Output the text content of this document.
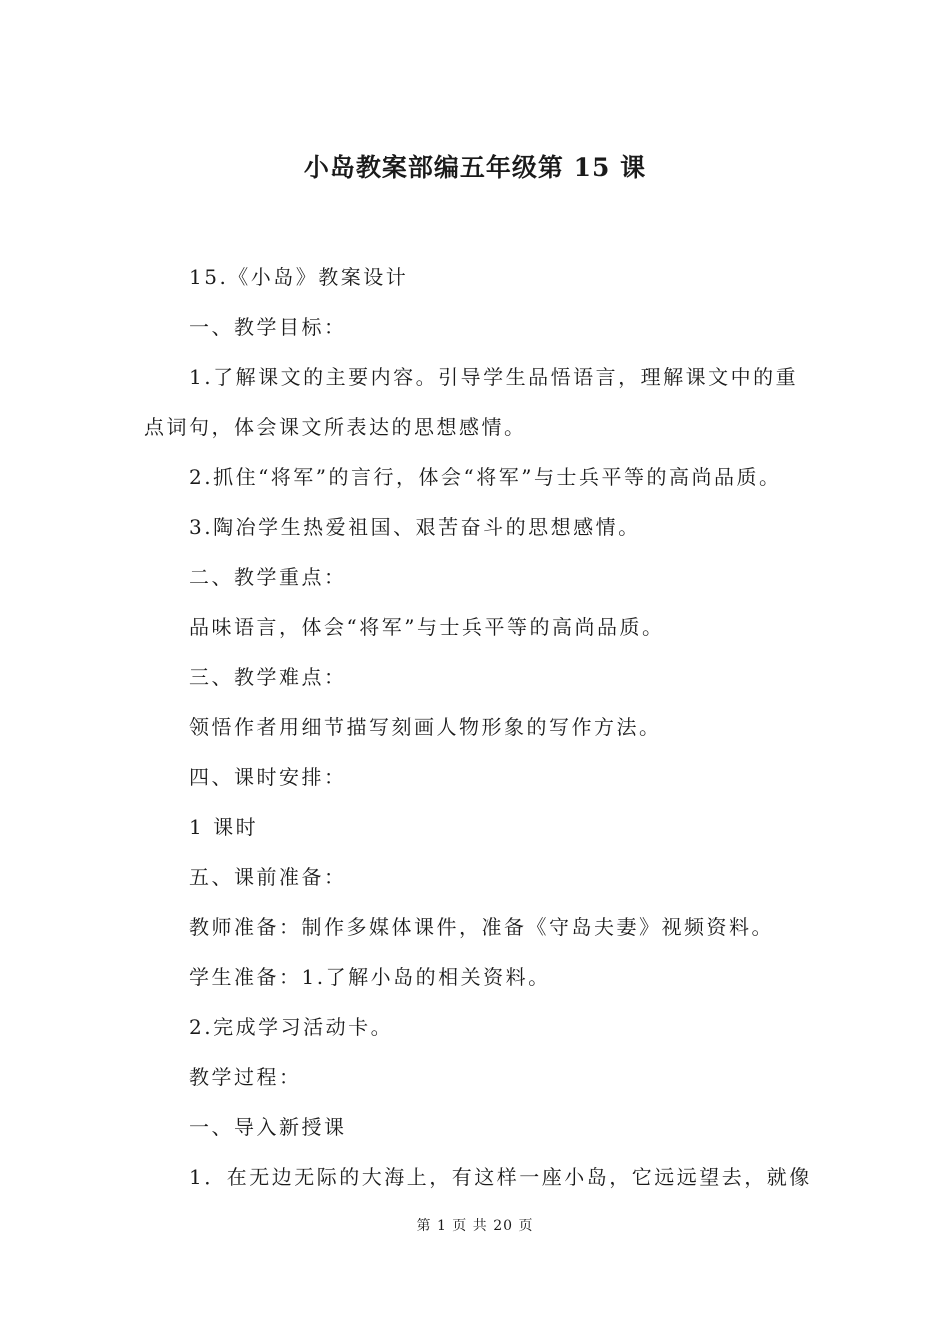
小岛教案部编五年级第 15 课

15.《小岛》教案设计

一、教学目标：

1.了解课文的主要内容。引导学生品悟语言，理解课文中的重点词句，体会课文所表达的思想感情。

2.抓住“将军”的言行，体会“将军”与士兵平等的高尚品质。

3.陶冶学生热爱祖国、艰苦奋斗的思想感情。

二、教学重点：

品味语言，体会“将军”与士兵平等的高尚品质。

三、教学难点：

领悟作者用细节描写刻画人物形象的写作方法。

四、课时安排：

1 课时

五、课前准备：

教师准备：制作多媒体课件，准备《守岛夫妻》视频资料。

学生准备：1.了解小岛的相关资料。

2.完成学习活动卡。

教学过程：

一、导入新授课

1．在无边无际的大海上，有这样一座小岛，它远远望去，就像

第 1 页 共 20 页
